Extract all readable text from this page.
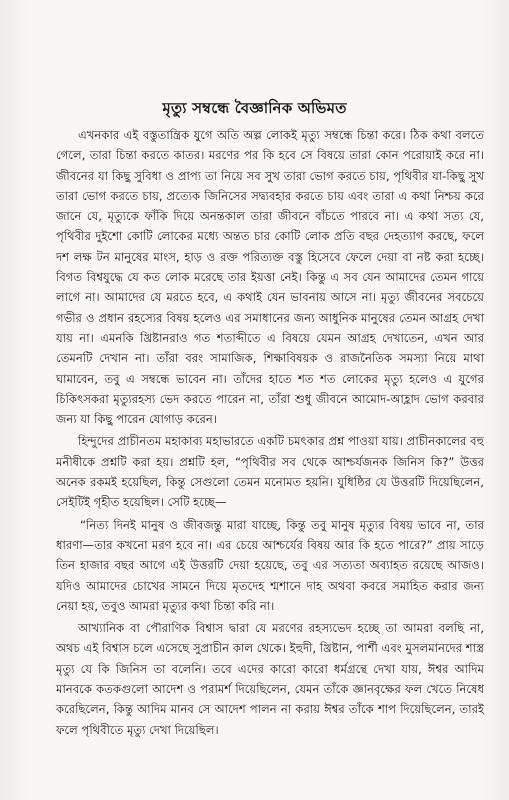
মৃত্যু সম্বন্ধে বৈজ্ঞানিক অভিমত

এখনকার এই বস্তুতান্ত্রিক যুগে অতি অল্প লোকই মৃত্যু সম্বন্ধে চিন্তা করে। ঠিক কথা বলতে গেলে, তারা চিন্তা করতে কাতর। মরণের পর কি হবে সে বিষয়ে তারা কোন পরোয়াই করে না। জীবনের যা কিছু সুবিধা ও প্রাপ্য তা নিয়ে সব সুখ তারা ভোগ করতে চায়, পৃথিবীর যা-কিছু সুখ তারা ভোগ করতে চায়, প্রত্যেক জিনিসের সদ্ব্যবহার করতে চায় এবং তারা এ কথা নিশ্চয় করে জানে যে, মৃত্যুকে ফাঁকি দিয়ে অনন্তকাল তারা জীবনে বাঁচতে পারবে না। এ কথা সত্য যে, পৃথিবীর দুইশো কোটি লোকের মধ্যে অন্তত চার কোটি লোক প্রতি বছর দেহত্যাগ করছে, ফলে দশ লক্ষ টন মানুষের মাংস, হাড় ও রক্ত পরিত্যক্ত বস্তু হিসেবে ফেলে দেয়া বা নষ্ট করা হচ্ছে। বিগত বিশ্বযুদ্ধে যে কত লোক মরেছে তার ইয়ত্তা নেই। কিন্তু এ সব যেন আমাদের তেমন গায়ে লাগে না। আমাদের যে মরতে হবে, এ কথাই যেন ভাবনায় আসে না। মৃত্যু জীবনের সবচেয়ে গভীর ও প্রধান রহস্যের বিষয় হলেও এর সমাধানের জন্য আধুনিক মানুষের তেমন আগ্রহ দেখা যায় না। এমনকি খ্রিষ্টানরাও গত শতাব্দীতে এ বিষয়ে যেমন আগ্রহ দেখাতেন, এখন আর তেমনটি দেখান না। তাঁরা বরং সামাজিক, শিক্ষাবিষয়ক ও রাজনৈতিক সমস্যা নিয়ে মাথা ঘামাবেন, তবু এ সম্বন্ধে ভাবেন না। তাঁদের হাতে শত শত লোকের মৃত্যু হলেও এ যুগের চিকিৎসকরা মৃত্যুরহস্য ভেদ করতে পারেন না, তাঁরা শুধু জীবনে আমোদ-আহ্লাদ ভোগ করবার জন্য যা কিছু পারেন যোগাড় করেন।

হিন্দুদের প্রাচীনতম মহাকাব্য মহাভারতে একটি চমৎকার প্রশ্ন পাওয়া যায়। প্রাচীনকালের বহু মনীষীকে প্রশ্নটি করা হয়। প্রশ্নটি হল, “পৃথিবীর সব থেকে আশ্চর্যজনক জিনিস কি?” উত্তর অনেক রকমই হয়েছিল, কিন্তু সেগুলো তেমন মনোমত হয়নি। যুধিষ্ঠির যে উত্তরটি দিয়েছিলেন, সেইটিই গৃহীত হয়েছিল। সেটি হচ্ছে—

“নিত্য দিনই মানুষ ও জীবজন্তু মারা যাচ্ছে, কিন্তু তবু মানুষ মৃত্যুর বিষয় ভাবে না, তার ধারণা—তার কখনো মরণ হবে না। এর চেয়ে আশ্চর্যের বিষয় আর কি হতে পারে?” প্রায় সাড়ে তিন হাজার বছর আগে এই উত্তরটি দেয়া হয়েছে, তবু এর সত্যতা অব্যাহত রয়েছে আজও। যদিও আমাদের চোখের সামনে দিয়ে মৃতদেহ শ্মশানে দাহ অথবা কবরে সমাহিত করার জন্য নেয়া হয়, তবুও আমরা মৃত্যুর কথা চিন্তা করি না।

আখ্যানিক বা পৌরাণিক বিশ্বাস দ্বারা যে মরণের রহস্যভেদ হচ্ছে তা আমরা বলছি না, অথচ এই বিশ্বাস চলে এসেছে সুপ্রাচীন কাল থেকে। ইহুদী, খ্রিষ্টান, পার্শী এবং মুসলমানদের শাস্ত্র মৃত্যু যে কি জিনিস তা বলেনি। তবে এদের কারো কারো ধর্মগ্রন্থে দেখা যায়, ঈশ্বর আদিম মানবকে কতকগুলো আদেশ ও পরামর্শ দিয়েছিলেন, যেমন তাঁকে জ্ঞানবৃক্ষের ফল খেতে নিষেধ করেছিলেন, কিন্তু আদিম মানব সে আদেশ পালন না করায় ঈশ্বর তাঁকে শাপ দিয়েছিলেন, তারই ফলে পৃথিবীতে মৃত্যু দেখা দিয়েছিল।
